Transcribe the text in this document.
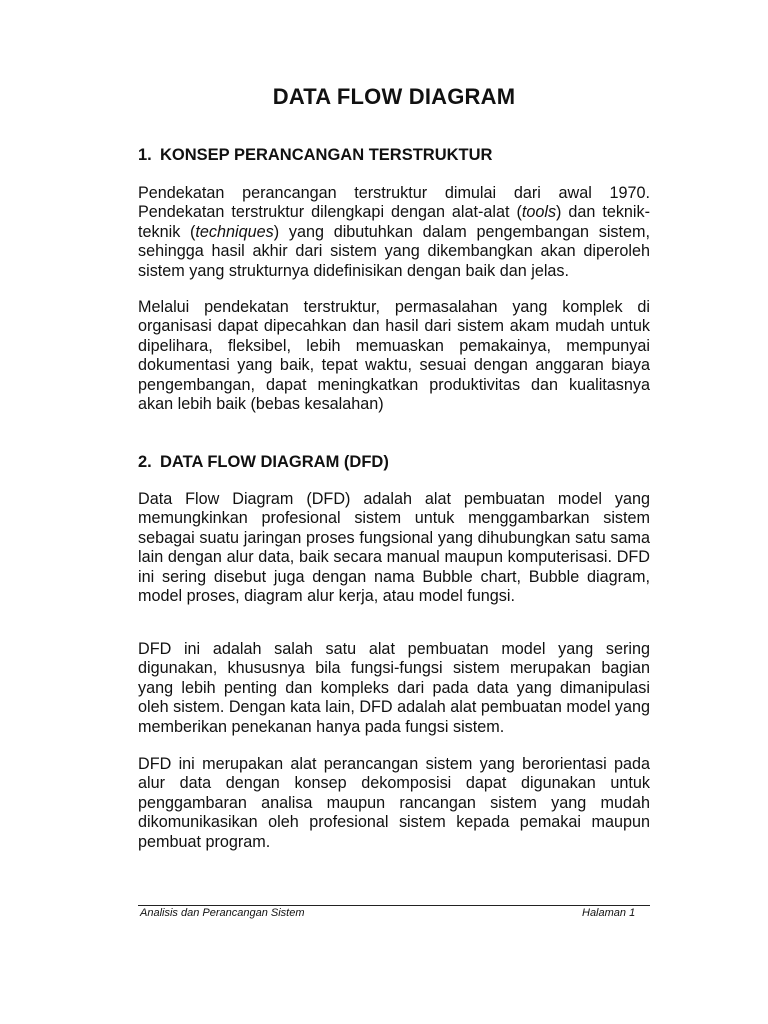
DATA FLOW DIAGRAM
1. KONSEP PERANCANGAN TERSTRUKTUR

Pendekatan perancangan terstruktur dimulai dari awal 1970. Pendekatan terstruktur dilengkapi dengan alat-alat (tools) dan teknik-teknik (techniques) yang dibutuhkan dalam pengembangan sistem, sehingga hasil akhir dari sistem yang dikembangkan akan diperoleh sistem yang strukturnya didefinisikan dengan baik dan jelas.

Melalui pendekatan terstruktur, permasalahan yang komplek di organisasi dapat dipecahkan dan hasil dari sistem akam mudah untuk dipelihara, fleksibel, lebih memuaskan pemakainya, mempunyai dokumentasi yang baik, tepat waktu, sesuai dengan anggaran biaya pengembangan, dapat meningkatkan produktivitas dan kualitasnya akan lebih baik (bebas kesalahan)

2. DATA FLOW DIAGRAM (DFD)

Data Flow Diagram (DFD) adalah alat pembuatan model yang memungkinkan profesional sistem untuk menggambarkan sistem sebagai suatu jaringan proses fungsional yang dihubungkan satu sama lain dengan alur data, baik secara manual maupun komputerisasi. DFD ini sering disebut juga dengan nama Bubble chart, Bubble diagram, model proses, diagram alur kerja, atau model fungsi.

DFD ini adalah salah satu alat pembuatan model yang sering digunakan, khususnya bila fungsi-fungsi sistem merupakan bagian yang lebih penting dan kompleks dari pada data yang dimanipulasi oleh sistem. Dengan kata lain, DFD adalah alat pembuatan model yang memberikan penekanan hanya pada fungsi sistem.

DFD ini merupakan alat perancangan sistem yang berorientasi pada alur data dengan konsep dekomposisi dapat digunakan untuk penggambaran analisa maupun rancangan sistem yang mudah dikomunikasikan oleh profesional sistem kepada pemakai maupun pembuat program.

Analisis dan Perancangan Sistem	Halaman 1
